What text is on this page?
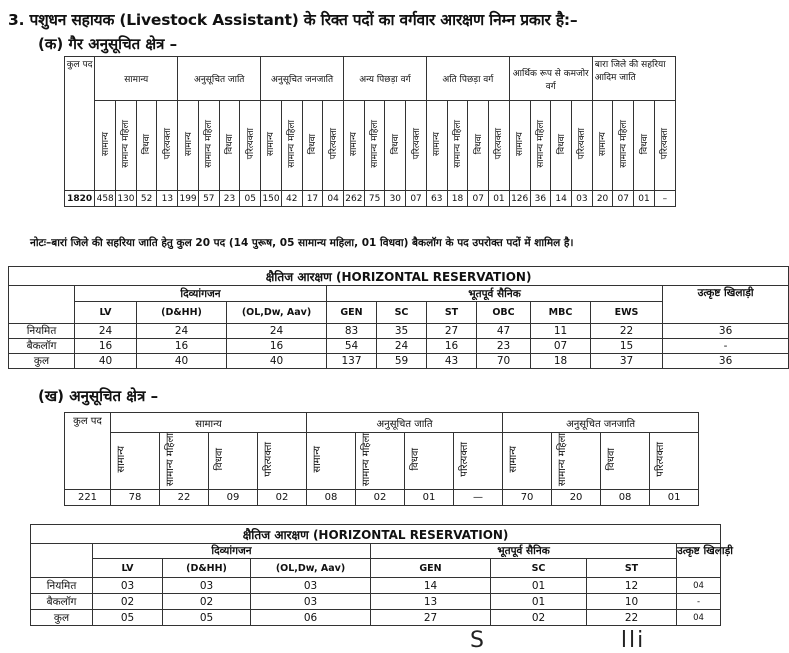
3. पशुधन सहायक (Livestock Assistant) के रिक्त पदों का वर्गवार आरक्षण निम्न प्रकार है:–
(क) गैर अनुसूचित क्षेत्र –
कुल पद	सामान्य				अनुसूचित जाति				अनुसूचित जनजाति				अन्य पिछड़ा वर्ग				अति पिछड़ा वर्ग				आर्थिक रूप से कमजोर वर्ग				बारा जिले की सहरिया आदिम जाति			
	सामान्य	सामान्य महिला	विधवा	परित्यक्ता	सामान्य	सामान्य महिला	विधवा	परित्यक्ता	सामान्य	सामान्य महिला	विधवा	परित्यक्ता	सामान्य	सामान्य महिला	विधवा	परित्यक्ता	सामान्य	सामान्य महिला	विधवा	परित्यक्ता	सामान्य	सामान्य महिला	विधवा	परित्यक्ता	सामान्य	सामान्य महिला	विधवा	परित्यक्ता
1820	458	130	52	13	199	57	23	05	150	42	17	04	262	75	30	07	63	18	07	01	126	36	14	03	20	07	01	–
नोटः–बारां जिले की सहरिया जाति हेतु कुल 20 पद (14 पुरूष, 05 सामान्य महिला, 01 विधवा) बैकलॉग के पद उपरोक्त पदों में शामिल है।
क्षैतिज आरक्षण (HORIZONTAL RESERVATION)										
	दिव्यांगजन			भूतपूर्व सैनिक						उत्कृष्ट खिलाड़ी
	LV	(D&HH)	(OL,Dw, Aav)	GEN	SC	ST	OBC	MBC	EWS	
नियमित	24	24	24	83	35	27	47	11	22	36
बैकलॉग	16	16	16	54	24	16	23	07	15	-
कुल	40	40	40	137	59	43	70	18	37	36
(ख) अनुसूचित क्षेत्र –
कुल पद	सामान्य				अनुसूचित जाति				अनुसूचित जनजाति			
	सामान्य	सामान्य महिला	विधवा	परित्यक्ता	सामान्य	सामान्य महिला	विधवा	परित्यक्ता	सामान्य	सामान्य महिला	विधवा	परित्यक्ता
221	78	22	09	02	08	02	01	—	70	20	08	01
क्षैतिज आरक्षण (HORIZONTAL RESERVATION)							
	दिव्यांगजन			भूतपूर्व सैनिक			उत्कृष्ट खिलाड़ी
	LV	(D&HH)	(OL,Dw, Aav)	GEN	SC	ST	
नियमित	03	03	03	14	01	12	04
बैकलॉग	02	02	03	13	01	10	-
कुल	05	05	06	27	02	22	04
S               lli
